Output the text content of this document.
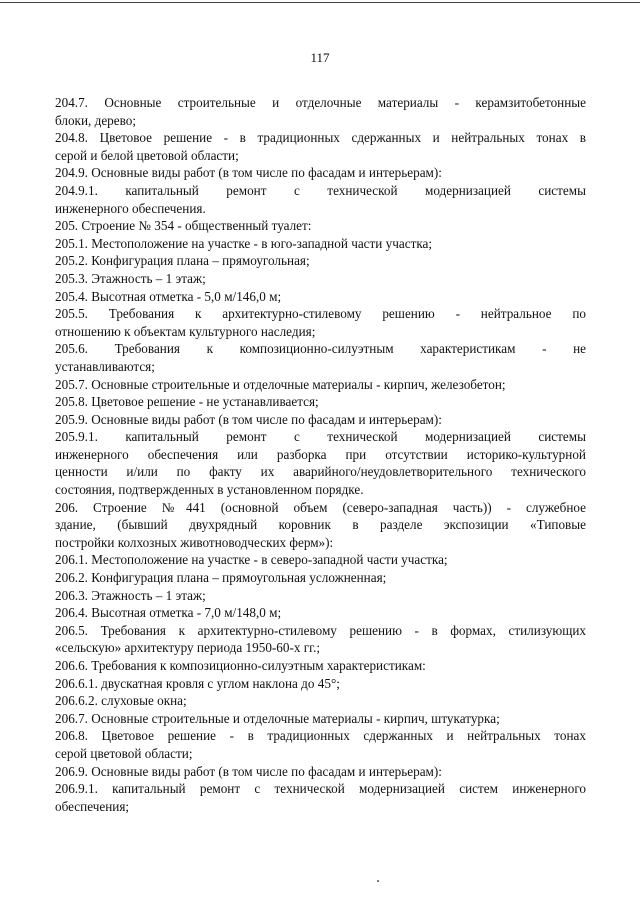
117
204.7. Основные строительные и отделочные материалы - керамзитобетонные
блоки, дерево;
204.8. Цветовое решение - в традиционных сдержанных и нейтральных тонах в
серой и белой цветовой области;
204.9. Основные виды работ (в том числе по фасадам и интерьерам):
204.9.1. капитальный ремонт с технической модернизацией системы
инженерного обеспечения.
205. Строение № 354 - общественный туалет:
205.1. Местоположение на участке - в юго-западной части участка;
205.2. Конфигурация плана – прямоугольная;
205.3. Этажность – 1 этаж;
205.4. Высотная отметка - 5,0 м/146,0 м;
205.5. Требования к архитектурно-стилевому решению - нейтральное по
отношению к объектам культурного наследия;
205.6. Требования к композиционно-силуэтным характеристикам - не
устанавливаются;
205.7. Основные строительные и отделочные материалы - кирпич, железобетон;
205.8. Цветовое решение - не устанавливается;
205.9. Основные виды работ (в том числе по фасадам и интерьерам):
205.9.1. капитальный ремонт с технической модернизацией системы
инженерного обеспечения или разборка при отсутствии историко-культурной
ценности и/или по факту их аварийного/неудовлетворительного технического
состояния, подтвержденных в установленном порядке.
206. Строение №441 (основной объем (северо-западная часть)) - служебное
здание, (бывший двухрядный коровник в разделе экспозиции «Типовые
постройки колхозных животноводческих ферм»):
206.1. Местоположение на участке - в северо-западной части участка;
206.2. Конфигурация плана – прямоугольная усложненная;
206.3. Этажность – 1 этаж;
206.4. Высотная отметка - 7,0 м/148,0 м;
206.5. Требования к архитектурно-стилевому решению - в формах, стилизующих
«сельскую» архитектуру периода 1950-60-х гг.;
206.6. Требования к композиционно-силуэтным характеристикам:
206.6.1. двускатная кровля с углом наклона до 45°;
206.6.2. слуховые окна;
206.7. Основные строительные и отделочные материалы - кирпич, штукатурка;
206.8. Цветовое решение - в традиционных сдержанных и нейтральных тонах
серой цветовой области;
206.9. Основные виды работ (в том числе по фасадам и интерьерам):
206.9.1. капитальный ремонт с технической модернизацией систем инженерного
обеспечения;
